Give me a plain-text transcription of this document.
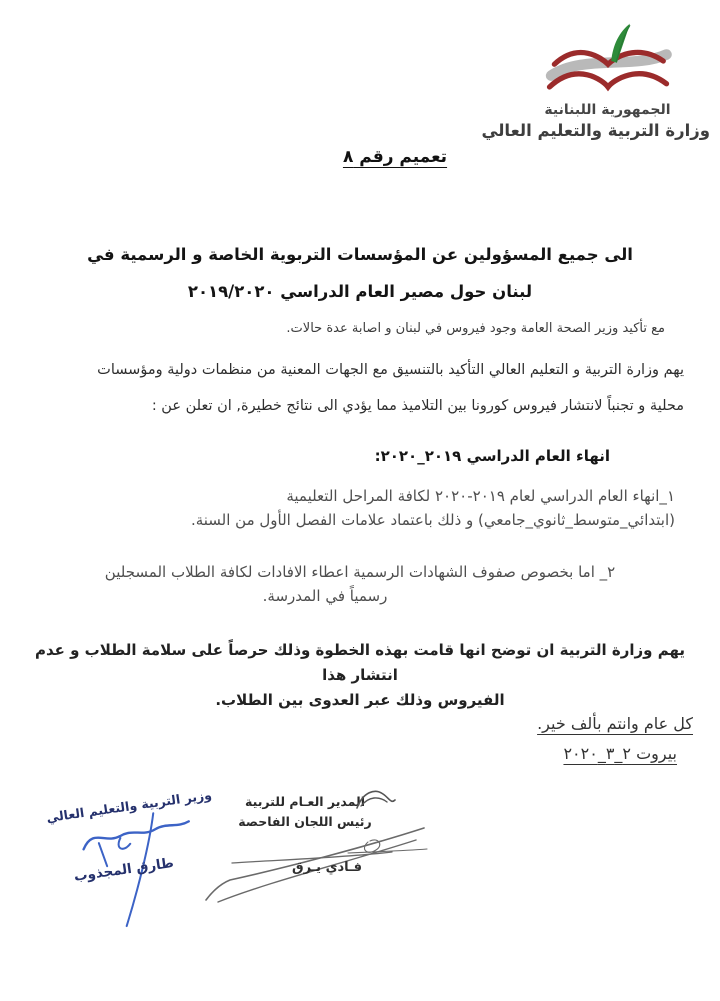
الجمهورية اللبنانية
وزارة التربية والتعليم العالي
تعميم رقم ٨
الى جميع المسؤولين عن المؤسسات التربوية الخاصة و الرسمية في
لبنان حول مصير العام الدراسي ٢٠١٩/٢٠٢٠
مع تأكيد وزير الصحة العامة وجود فيروس في لبنان و اصابة عدة حالات.
يهم وزارة التربية و التعليم العالي التأكيد بالتنسيق مع الجهات المعنية من منظمات دولية ومؤسسات
محلية و تجنباً لانتشار فيروس كورونا بين التلاميذ مما يؤدي الى نتائج خطيرة, ان تعلن عن :
انهاء العام الدراسي ٢٠١٩_٢٠٢٠:
١_انهاء العام الدراسي لعام ٢٠١٩-٢٠٢٠ لكافة المراحل التعليمية
(ابتدائي_متوسط_ثانوي_جامعي) و ذلك باعتماد علامات الفصل الأول من السنة.
٢_ اما بخصوص صفوف الشهادات الرسمية اعطاء الافادات لكافة الطلاب المسجلين
رسمياً في المدرسة.
يهم وزارة التربية ان توضح انها قامت بهذه الخطوة وذلك حرصاً على سلامة الطلاب و عدم انتشار هذا
الفيروس وذلك عبر العدوى بين الطلاب.
كل عام وانتم بألف خير.
بيروت ٢_٣_٢٠٢٠
وزير التربية والتعليم العالي
طارق المجذوب
المدير العـام للتربية
رئيس اللجان الفاحصة
فـادي يـرق
